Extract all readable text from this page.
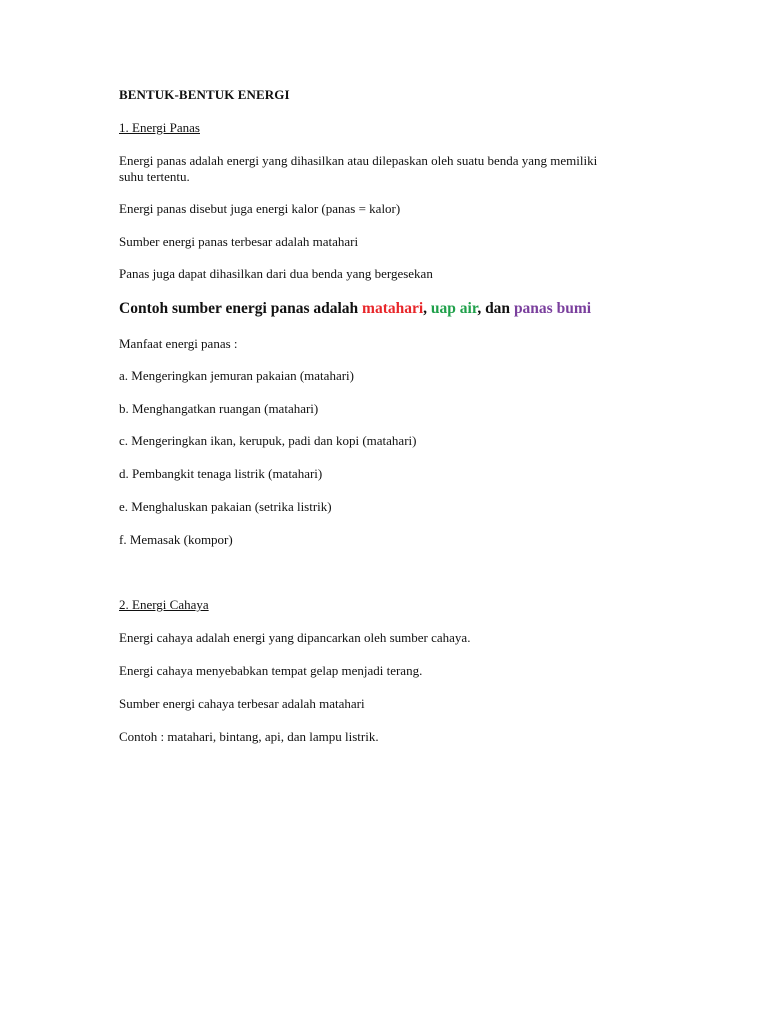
BENTUK-BENTUK ENERGI

1. Energi Panas

Energi panas adalah energi yang dihasilkan atau dilepaskan oleh suatu benda yang memiliki

suhu tertentu.

Energi panas disebut juga energi kalor (panas = kalor)

Sumber energi panas terbesar adalah matahari

Panas juga dapat dihasilkan dari dua benda yang bergesekan

Contoh sumber energi panas adalah matahari, uap air, dan panas bumi

Manfaat energi panas :

a. Mengeringkan jemuran pakaian (matahari)

b. Menghangatkan ruangan (matahari)

c. Mengeringkan ikan, kerupuk, padi dan kopi (matahari)

d. Pembangkit tenaga listrik (matahari)

e. Menghaluskan pakaian (setrika listrik)

f. Memasak (kompor)

2. Energi Cahaya

Energi cahaya adalah energi yang dipancarkan oleh sumber cahaya.

Energi cahaya menyebabkan tempat gelap menjadi terang.

Sumber energi cahaya terbesar adalah matahari

Contoh : matahari, bintang, api, dan lampu listrik.
